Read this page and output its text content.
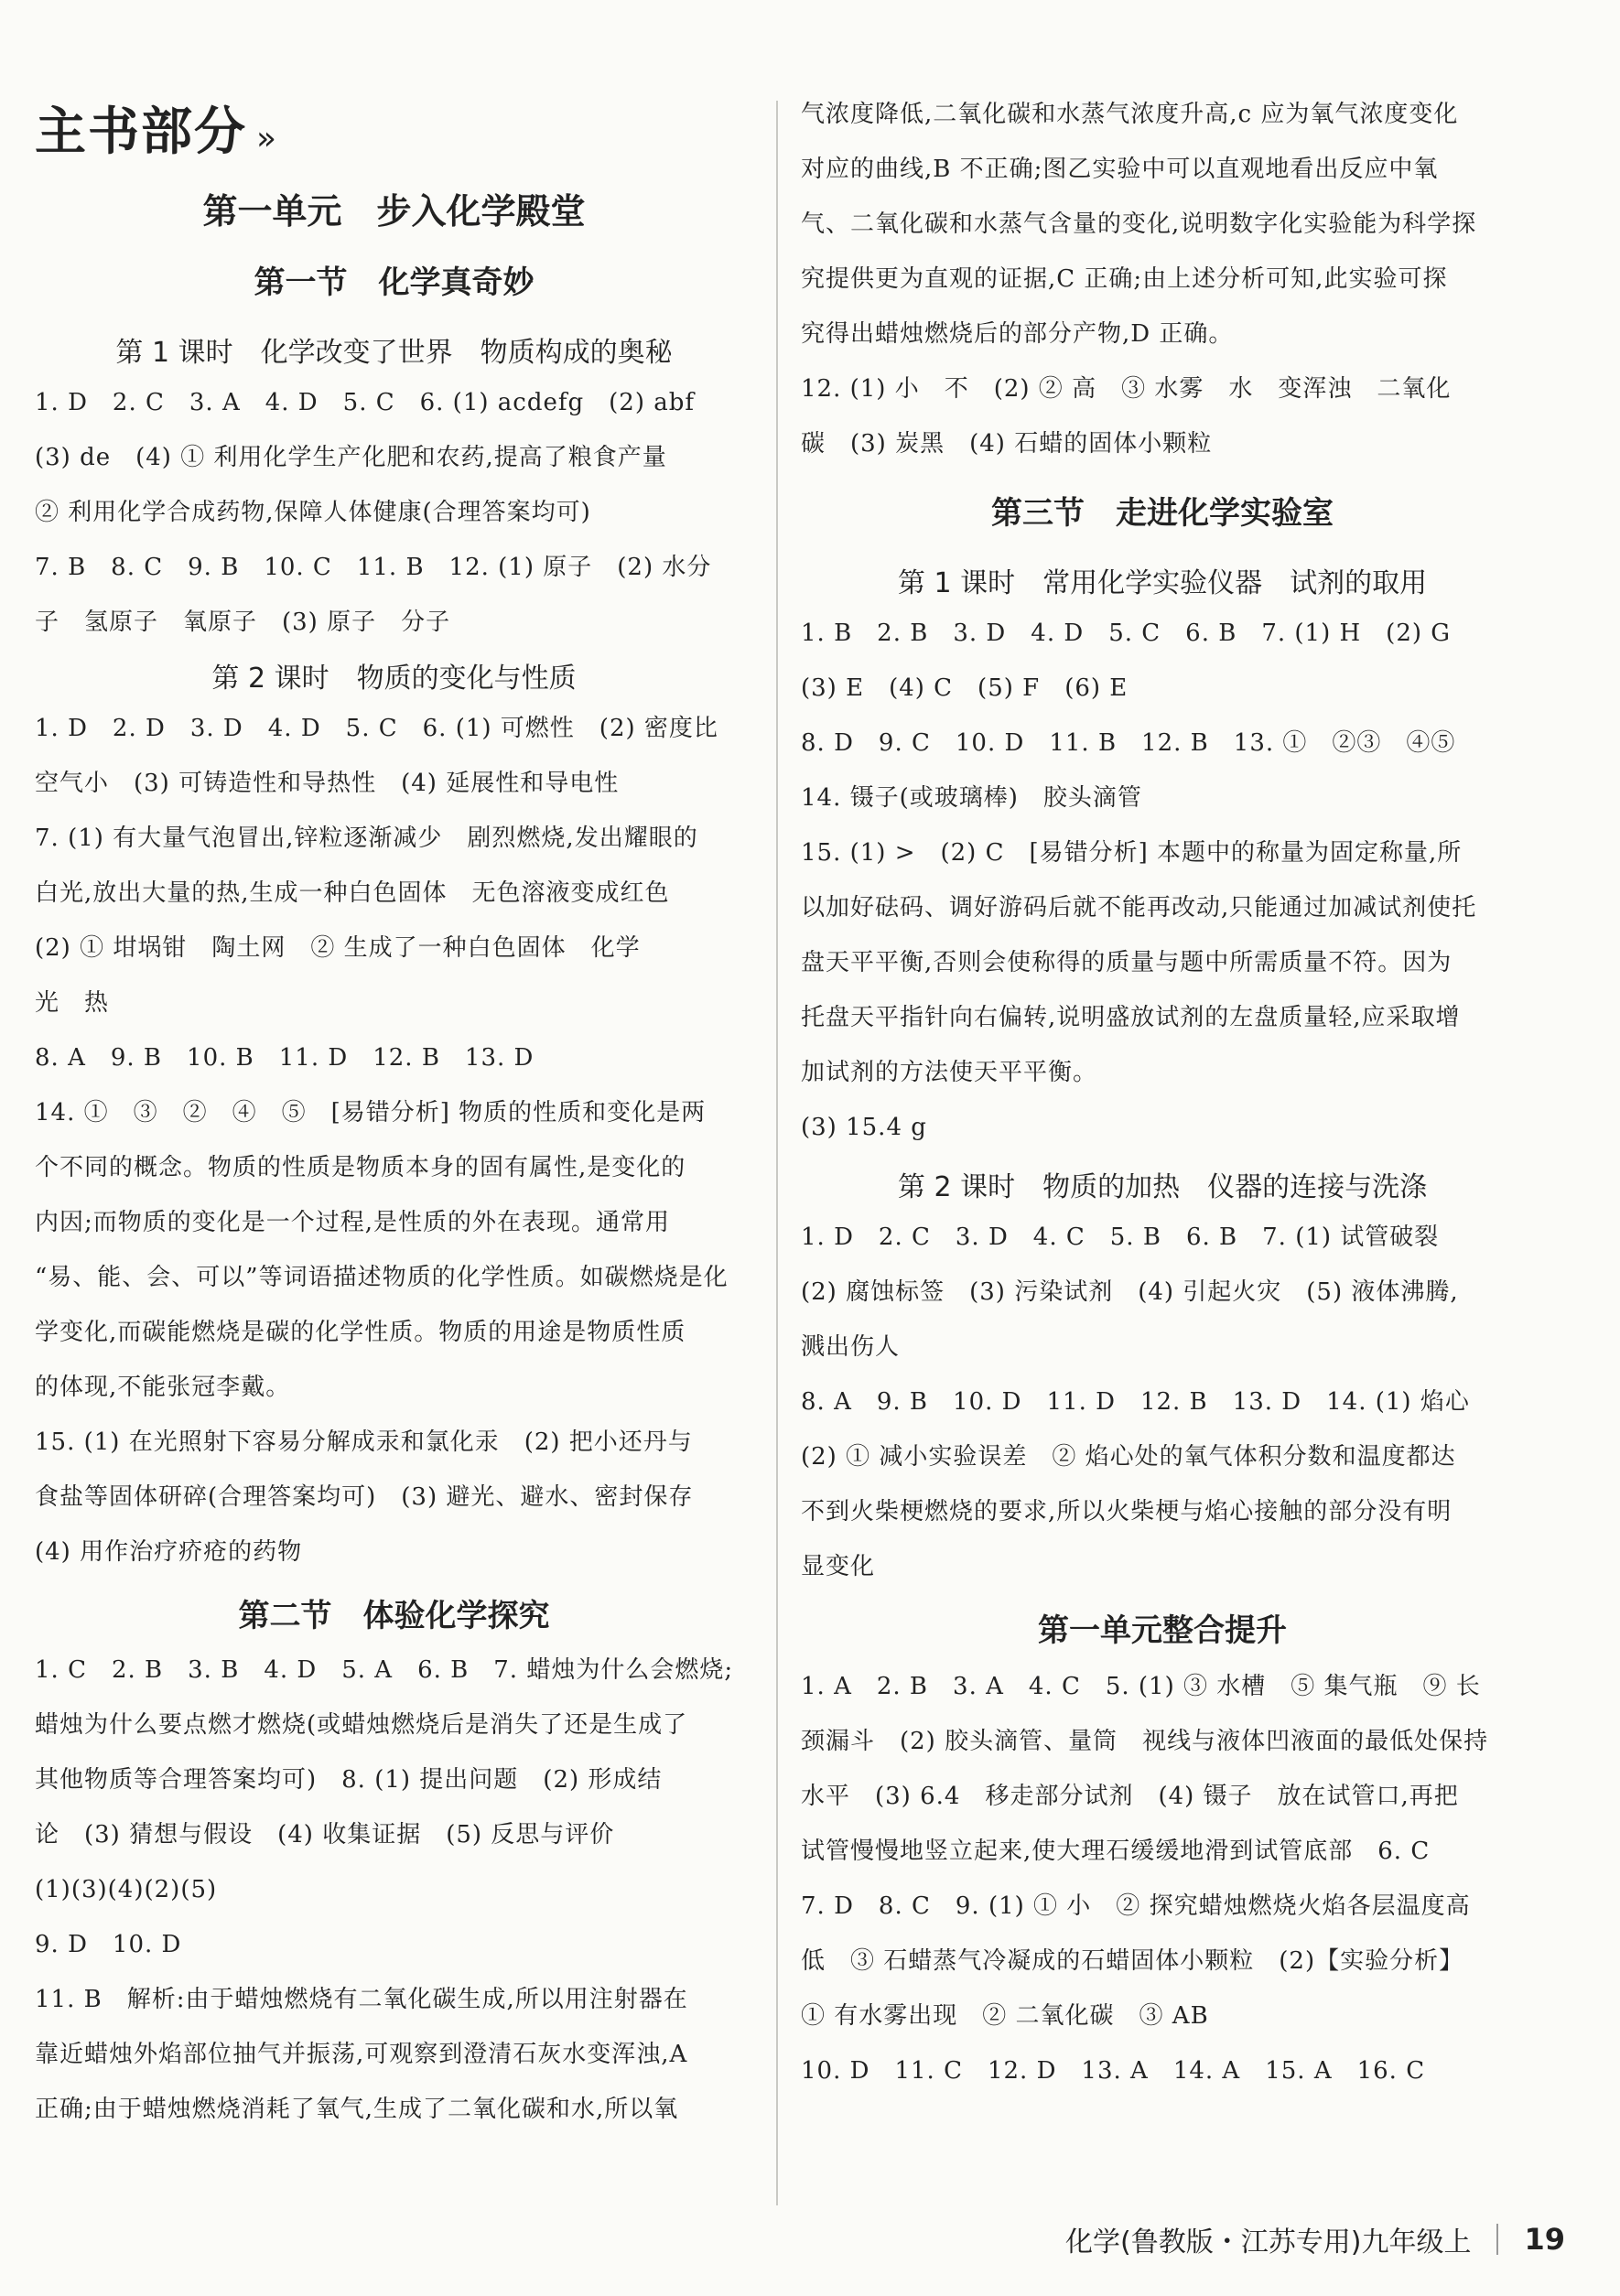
主书部分 »
第一单元　步入化学殿堂
第一节　化学真奇妙
第 1 课时　化学改变了世界　物质构成的奥秘

1. D　2. C　3. A　4. D　5. C　6. (1) acdefg　(2) abf

(3) de　(4) ① 利用化学生产化肥和农药,提高了粮食产量

② 利用化学合成药物,保障人体健康(合理答案均可)

7. B　8. C　9. B　10. C　11. B　12. (1) 原子　(2) 水分

子　氢原子　氧原子　(3) 原子　分子

第 2 课时　物质的变化与性质

1. D　2. D　3. D　4. D　5. C　6. (1) 可燃性　(2) 密度比

空气小　(3) 可铸造性和导热性　(4) 延展性和导电性

7. (1) 有大量气泡冒出,锌粒逐渐减少　剧烈燃烧,发出耀眼的

白光,放出大量的热,生成一种白色固体　无色溶液变成红色

(2) ① 坩埚钳　陶土网　② 生成了一种白色固体　化学

光　热

8. A　9. B　10. B　11. D　12. B　13. D

14. ①　③　②　④　⑤　[易错分析] 物质的性质和变化是两

个不同的概念。物质的性质是物质本身的固有属性,是变化的

内因;而物质的变化是一个过程,是性质的外在表现。通常用

“易、能、会、可以”等词语描述物质的化学性质。如碳燃烧是化

学变化,而碳能燃烧是碳的化学性质。物质的用途是物质性质

的体现,不能张冠李戴。

15. (1) 在光照射下容易分解成汞和氯化汞　(2) 把小还丹与

食盐等固体研碎(合理答案均可)　(3) 避光、避水、密封保存

(4) 用作治疗疥疮的药物

第二节　体验化学探究

1. C　2. B　3. B　4. D　5. A　6. B　7. 蜡烛为什么会燃烧;

蜡烛为什么要点燃才燃烧(或蜡烛燃烧后是消失了还是生成了

其他物质等合理答案均可)　8. (1) 提出问题　(2) 形成结

论　(3) 猜想与假设　(4) 收集证据　(5) 反思与评价

(1)(3)(4)(2)(5)

9. D　10. D

11. B　解析:由于蜡烛燃烧有二氧化碳生成,所以用注射器在

靠近蜡烛外焰部位抽气并振荡,可观察到澄清石灰水变浑浊,A

正确;由于蜡烛燃烧消耗了氧气,生成了二氧化碳和水,所以氧

气浓度降低,二氧化碳和水蒸气浓度升高,c 应为氧气浓度变化

对应的曲线,B 不正确;图乙实验中可以直观地看出反应中氧

气、二氧化碳和水蒸气含量的变化,说明数字化实验能为科学探

究提供更为直观的证据,C 正确;由上述分析可知,此实验可探

究得出蜡烛燃烧后的部分产物,D 正确。

12. (1) 小　不　(2) ② 高　③ 水雾　水　变浑浊　二氧化

碳　(3) 炭黑　(4) 石蜡的固体小颗粒

第三节　走进化学实验室
第 1 课时　常用化学实验仪器　试剂的取用

1. B　2. B　3. D　4. D　5. C　6. B　7. (1) H　(2) G

(3) E　(4) C　(5) F　(6) E

8. D　9. C　10. D　11. B　12. B　13. ①　②③　④⑤

14. 镊子(或玻璃棒)　胶头滴管

15. (1) >　(2) C　[易错分析] 本题中的称量为固定称量,所

以加好砝码、调好游码后就不能再改动,只能通过加减试剂使托

盘天平平衡,否则会使称得的质量与题中所需质量不符。因为

托盘天平指针向右偏转,说明盛放试剂的左盘质量轻,应采取增

加试剂的方法使天平平衡。

(3) 15.4 g

第 2 课时　物质的加热　仪器的连接与洗涤

1. D　2. C　3. D　4. C　5. B　6. B　7. (1) 试管破裂

(2) 腐蚀标签　(3) 污染试剂　(4) 引起火灾　(5) 液体沸腾,

溅出伤人

8. A　9. B　10. D　11. D　12. B　13. D　14. (1) 焰心

(2) ① 减小实验误差　② 焰心处的氧气体积分数和温度都达

不到火柴梗燃烧的要求,所以火柴梗与焰心接触的部分没有明

显变化

第一单元整合提升

1. A　2. B　3. A　4. C　5. (1) ③ 水槽　⑤ 集气瓶　⑨ 长

颈漏斗　(2) 胶头滴管、量筒　视线与液体凹液面的最低处保持

水平　(3) 6.4　移走部分试剂　(4) 镊子　放在试管口,再把

试管慢慢地竖立起来,使大理石缓缓地滑到试管底部　6. C

7. D　8. C　9. (1) ① 小　② 探究蜡烛燃烧火焰各层温度高

低　③ 石蜡蒸气冷凝成的石蜡固体小颗粒　(2)【实验分析】

① 有水雾出现　② 二氧化碳　③ AB

10. D　11. C　12. D　13. A　14. A　15. A　16. C

化学(鲁教版・江苏专用)九年级上 19
